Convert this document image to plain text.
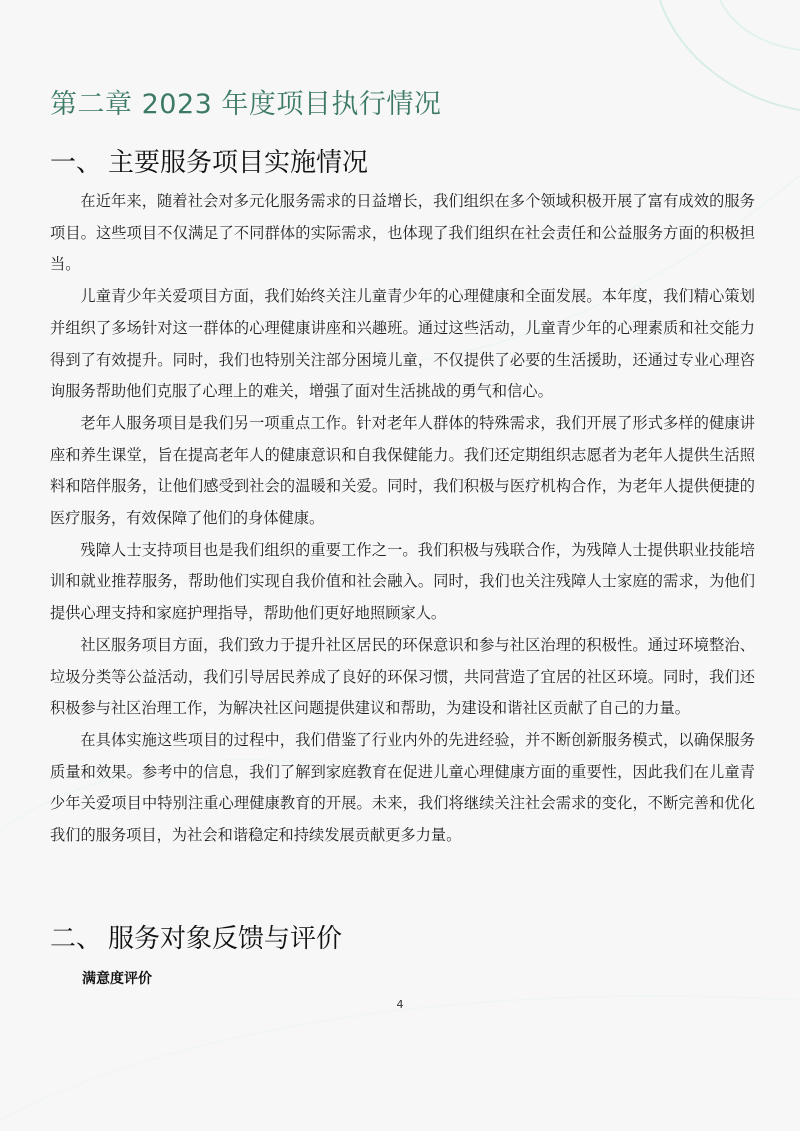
第二章 2023 年度项目执行情况
一、 主要服务项目实施情况

在近年来，随着社会对多元化服务需求的日益增长，我们组织在多个领域积极开展了富有成效的服务项目。这些项目不仅满足了不同群体的实际需求，也体现了我们组织在社会责任和公益服务方面的积极担当。

儿童青少年关爱项目方面，我们始终关注儿童青少年的心理健康和全面发展。本年度，我们精心策划并组织了多场针对这一群体的心理健康讲座和兴趣班。通过这些活动，儿童青少年的心理素质和社交能力得到了有效提升。同时，我们也特别关注部分困境儿童，不仅提供了必要的生活援助，还通过专业心理咨询服务帮助他们克服了心理上的难关，增强了面对生活挑战的勇气和信心。

老年人服务项目是我们另一项重点工作。针对老年人群体的特殊需求，我们开展了形式多样的健康讲座和养生课堂，旨在提高老年人的健康意识和自我保健能力。我们还定期组织志愿者为老年人提供生活照料和陪伴服务，让他们感受到社会的温暖和关爱。同时，我们积极与医疗机构合作，为老年人提供便捷的医疗服务，有效保障了他们的身体健康。

残障人士支持项目也是我们组织的重要工作之一。我们积极与残联合作，为残障人士提供职业技能培训和就业推荐服务，帮助他们实现自我价值和社会融入。同时，我们也关注残障人士家庭的需求，为他们提供心理支持和家庭护理指导，帮助他们更好地照顾家人。

社区服务项目方面，我们致力于提升社区居民的环保意识和参与社区治理的积极性。通过环境整治、垃圾分类等公益活动，我们引导居民养成了良好的环保习惯，共同营造了宜居的社区环境。同时，我们还积极参与社区治理工作，为解决社区问题提供建议和帮助，为建设和谐社区贡献了自己的力量。

在具体实施这些项目的过程中，我们借鉴了行业内外的先进经验，并不断创新服务模式，以确保服务质量和效果。参考中的信息，我们了解到家庭教育在促进儿童心理健康方面的重要性，因此我们在儿童青少年关爱项目中特别注重心理健康教育的开展。未来，我们将继续关注社会需求的变化，不断完善和优化我们的服务项目，为社会和谐稳定和持续发展贡献更多力量。

二、 服务对象反馈与评价
满意度评价
4
